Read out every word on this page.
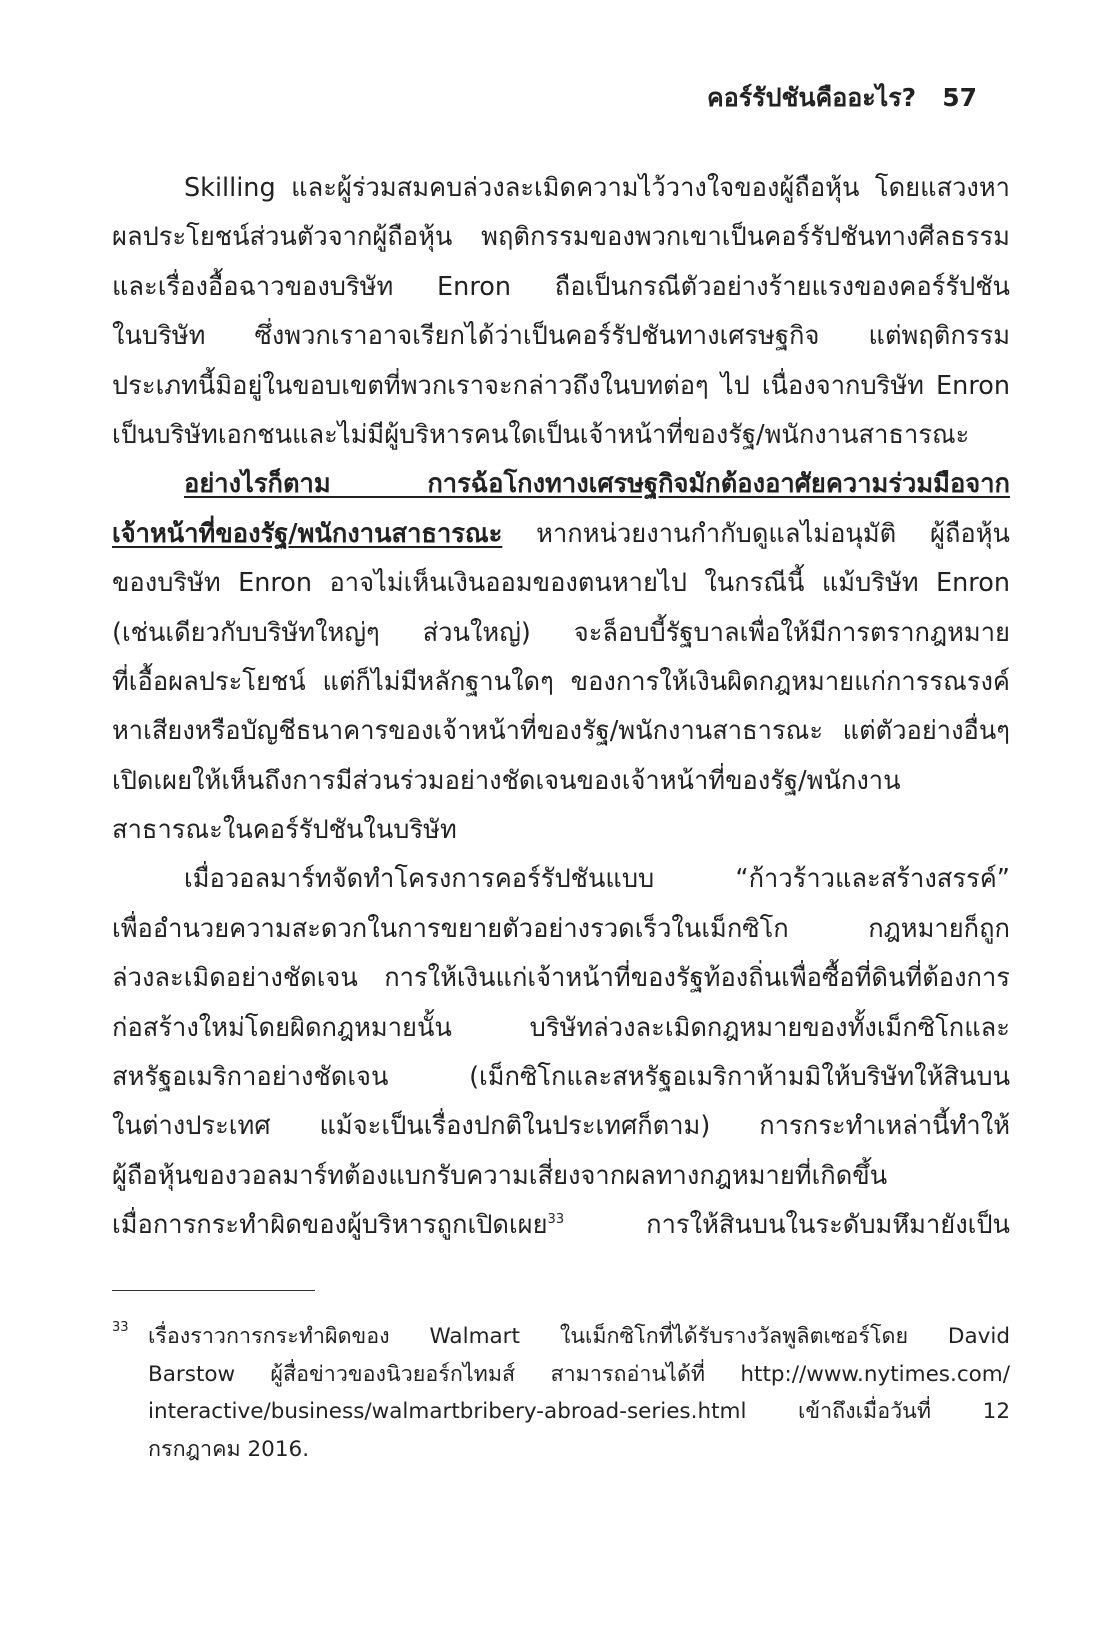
คอร์รัปชันคืออะไร? 57
Skilling และผู้ร่วมสมคบล่วงละเมิดความไว้วางใจของผู้ถือหุ้น โดยแสวงหา
ผลประโยชน์ส่วนตัวจากผู้ถือหุ้น พฤติกรรมของพวกเขาเป็นคอร์รัปชันทางศีลธรรม
และเรื่องอื้อฉาวของบริษัท Enron ถือเป็นกรณีตัวอย่างร้ายแรงของคอร์รัปชัน
ในบริษัท ซึ่งพวกเราอาจเรียกได้ว่าเป็นคอร์รัปชันทางเศรษฐกิจ แต่พฤติกรรม
ประเภทนี้มิอยู่ในขอบเขตที่พวกเราจะกล่าวถึงในบทต่อๆ ไป เนื่องจากบริษัท Enron
เป็นบริษัทเอกชนและไม่มีผู้บริหารคนใดเป็นเจ้าหน้าที่ของรัฐ/พนักงานสาธารณะ
อย่างไรก็ตาม การฉ้อโกงทางเศรษฐกิจมักต้องอาศัยความร่วมมือจาก
เจ้าหน้าที่ของรัฐ/พนักงานสาธารณะ หากหน่วยงานกำกับดูแลไม่อนุมัติ ผู้ถือหุ้น
ของบริษัท Enron อาจไม่เห็นเงินออมของตนหายไป ในกรณีนี้ แม้บริษัท Enron
(เช่นเดียวกับบริษัทใหญ่ๆ ส่วนใหญ่) จะล็อบบี้รัฐบาลเพื่อให้มีการตรากฎหมาย
ที่เอื้อผลประโยชน์ แต่ก็ไม่มีหลักฐานใดๆ ของการให้เงินผิดกฎหมายแก่การรณรงค์
หาเสียงหรือบัญชีธนาคารของเจ้าหน้าที่ของรัฐ/พนักงานสาธารณะ แต่ตัวอย่างอื่นๆ
เปิดเผยให้เห็นถึงการมีส่วนร่วมอย่างชัดเจนของเจ้าหน้าที่ของรัฐ/พนักงาน
สาธารณะในคอร์รัปชันในบริษัท
เมื่อวอลมาร์ทจัดทำโครงการคอร์รัปชันแบบ “ก้าวร้าวและสร้างสรรค์”
เพื่ออำนวยความสะดวกในการขยายตัวอย่างรวดเร็วในเม็กซิโก กฎหมายก็ถูก
ล่วงละเมิดอย่างชัดเจน การให้เงินแก่เจ้าหน้าที่ของรัฐท้องถิ่นเพื่อซื้อที่ดินที่ต้องการ
ก่อสร้างใหม่โดยผิดกฎหมายนั้น บริษัทล่วงละเมิดกฎหมายของทั้งเม็กซิโกและ
สหรัฐอเมริกาอย่างชัดเจน (เม็กซิโกและสหรัฐอเมริกาห้ามมิให้บริษัทให้สินบน
ในต่างประเทศ แม้จะเป็นเรื่องปกติในประเทศก็ตาม) การกระทำเหล่านี้ทำให้
ผู้ถือหุ้นของวอลมาร์ทต้องแบกรับความเสี่ยงจากผลทางกฎหมายที่เกิดขึ้น
เมื่อการกระทำผิดของผู้บริหารถูกเปิดเผย$^{33}$ การให้สินบนในระดับมหึมายังเป็น
33 เรื่องราวการกระทำผิดของ Walmart ในเม็กซิโกที่ได้รับรางวัลพูลิตเซอร์โดย David
Barstow ผู้สื่อข่าวของนิวยอร์กไทมส์ สามารถอ่านได้ที่ http://www.nytimes.com/
interactive/business/walmartbribery-abroad-series.html เข้าถึงเมื่อวันที่ 12
กรกฎาคม 2016.
